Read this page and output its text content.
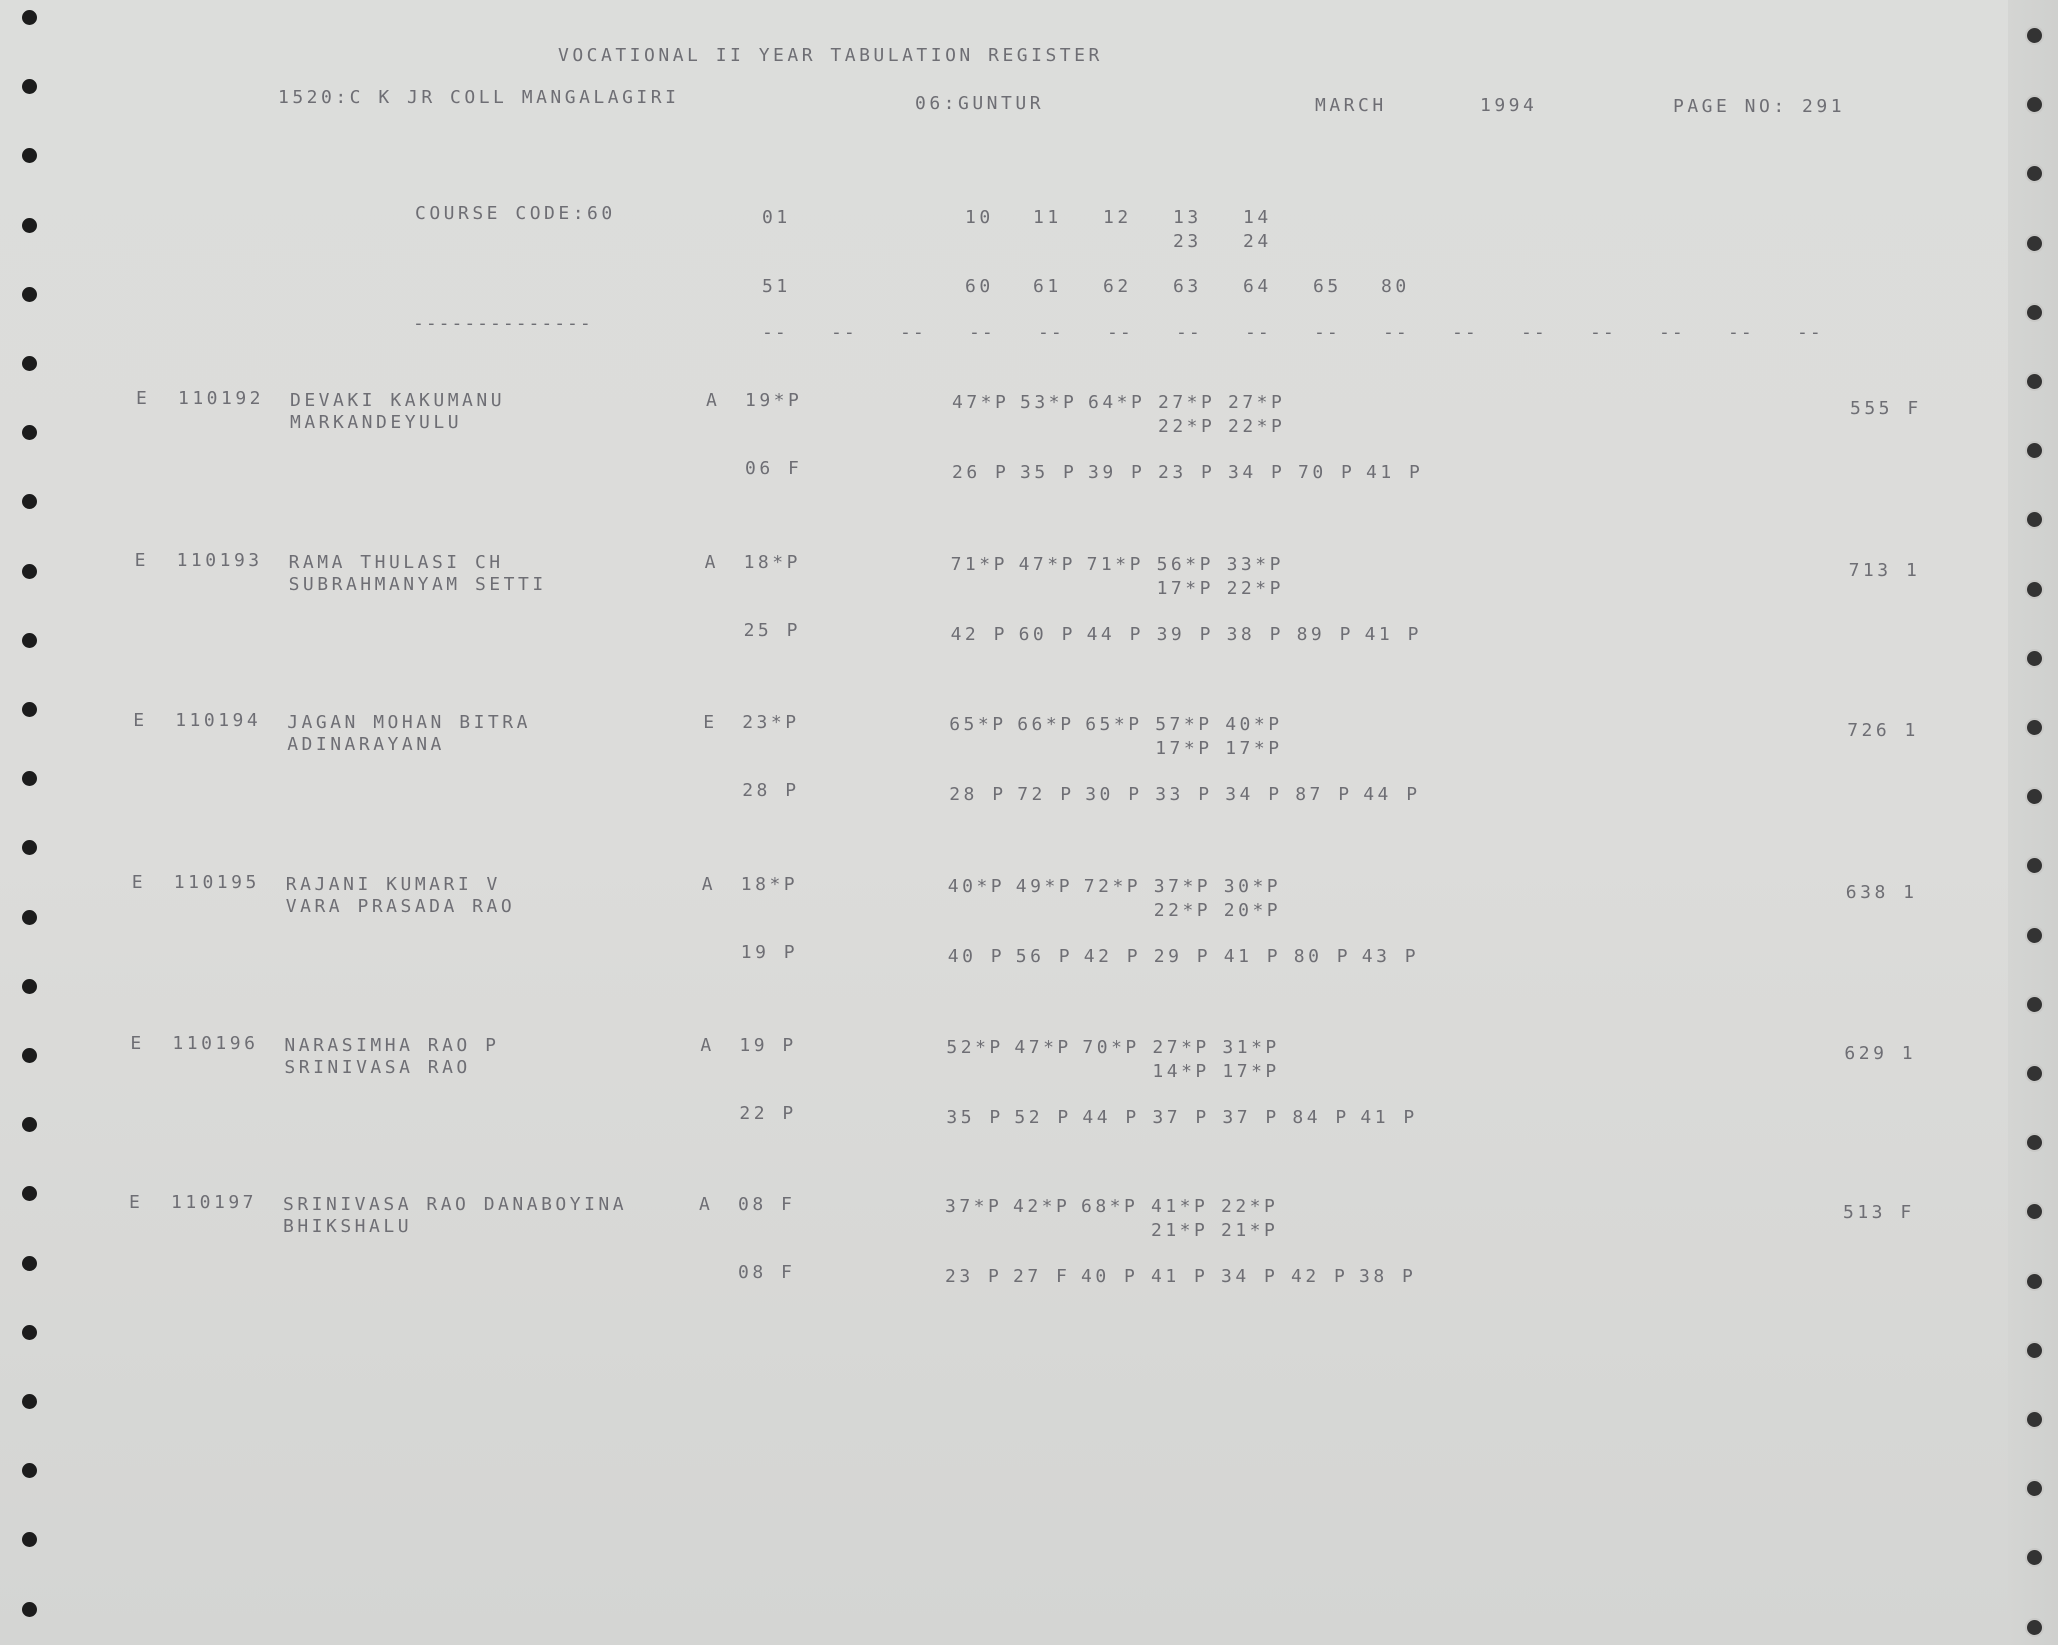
VOCATIONAL II YEAR TABULATION REGISTER
1520:C K JR COLL MANGALAGIRI	06:GUNTUR	MARCH	1994	PAGE NO: 291
COURSE CODE:60
--------------
01	10 11 12 13 14
23 24
51	60 61 62 63 64 65 80
-- -- -- -- -- -- -- -- -- -- -- -- -- -- -- --
E 110192 DEVAKI KAKUMANU
MARKANDEYULU
A 19*P	47*P 53*P 64*P 27*P 27*P
22*P 22*P
06 F	26 P 35 P 39 P 23 P 34 P 70 P 41 P
555 F
E 110193 RAMA THULASI CH
SUBRAHMANYAM SETTI
A 18*P	71*P 47*P 71*P 56*P 33*P
17*P 22*P
25 P	42 P 60 P 44 P 39 P 38 P 89 P 41 P
713 1
E 110194 JAGAN MOHAN BITRA
ADINARAYANA
E 23*P	65*P 66*P 65*P 57*P 40*P
17*P 17*P
28 P	28 P 72 P 30 P 33 P 34 P 87 P 44 P
726 1
E 110195 RAJANI KUMARI V
VARA PRASADA RAO
A 18*P	40*P 49*P 72*P 37*P 30*P
22*P 20*P
19 P	40 P 56 P 42 P 29 P 41 P 80 P 43 P
638 1
E 110196 NARASIMHA RAO P
SRINIVASA RAO
A 19 P	52*P 47*P 70*P 27*P 31*P
14*P 17*P
22 P	35 P 52 P 44 P 37 P 37 P 84 P 41 P
629 1
E 110197 SRINIVASA RAO DANABOYINA
BHIKSHALU
A 08 F	37*P 42*P 68*P 41*P 22*P
21*P 21*P
08 F	23 P 27 F 40 P 41 P 34 P 42 P 38 P
513 F
